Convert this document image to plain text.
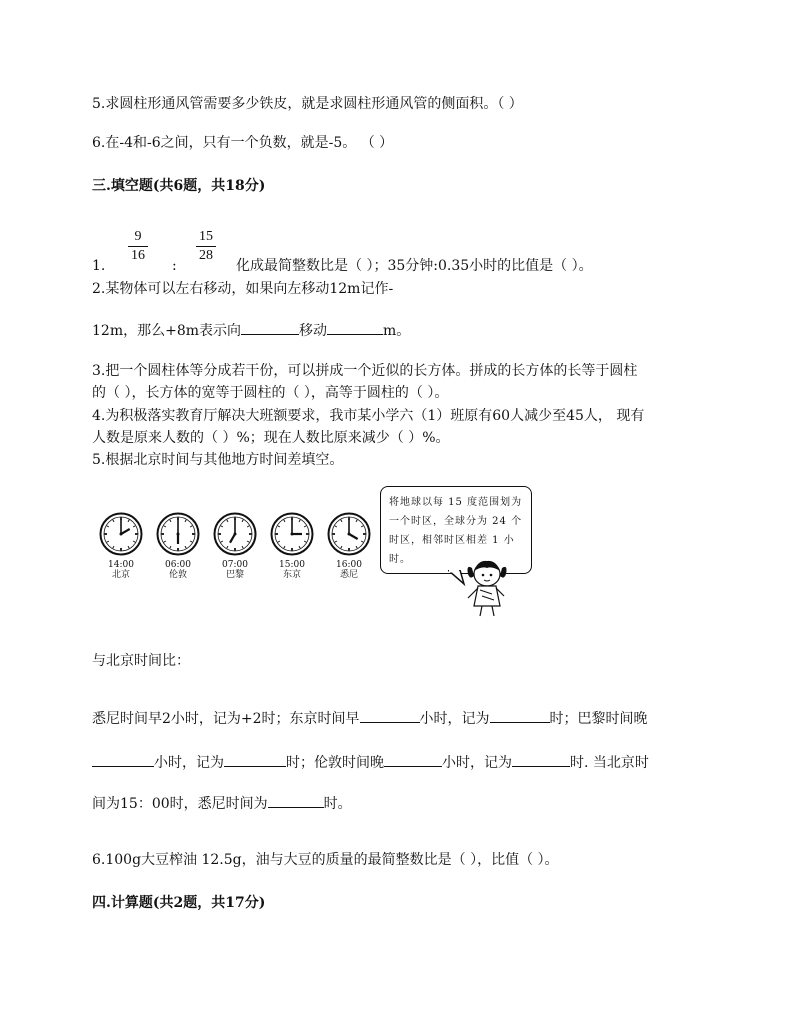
5.求圆柱形通风管需要多少铁皮，就是求圆柱形通风管的侧面积。（ ）
6.在-4和-6之间，只有一个负数，就是-5。 （ ）
三.填空题(共6题，共18分)
9
16
15
28
1.	:	化成最简整数比是（ ）；35分钟:0.35小时的比值是（ ）。
2.某物体可以左右移动，如果向左移动12m记作-
12m，那么+8m表示向	移动	m。
3.把一个圆柱体等分成若干份，可以拼成一个近似的长方体。拼成的长方体的长等于圆柱
的（ ），长方体的宽等于圆柱的（ ），高等于圆柱的（ ）。
4.为积极落实教育厅解决大班额要求，我市某小学六（1）班原有60人减少至45人， 现有
人数是原来人数的（ ）%；现在人数比原来减少（ ）%。
5.根据北京时间与其他地方时间差填空。
14:00
北京
06:00
伦敦
07:00
巴黎
15:00
东京
16:00
悉尼
将地球以每 15 度范围划为一个时区，全球分为 24 个时区，相邻时区相差 1 小时。
与北京时间比：
悉尼时间早2小时，记为+2时；东京时间早	小时，记为	时；巴黎时间晚
小时，记为	时；伦敦时间晚	小时，记为	时. 当北京时
间为15：00时，悉尼时间为	时。
6.100g大豆榨油 12.5g，油与大豆的质量的最简整数比是（ ），比值（ ）。
四.计算题(共2题，共17分)
